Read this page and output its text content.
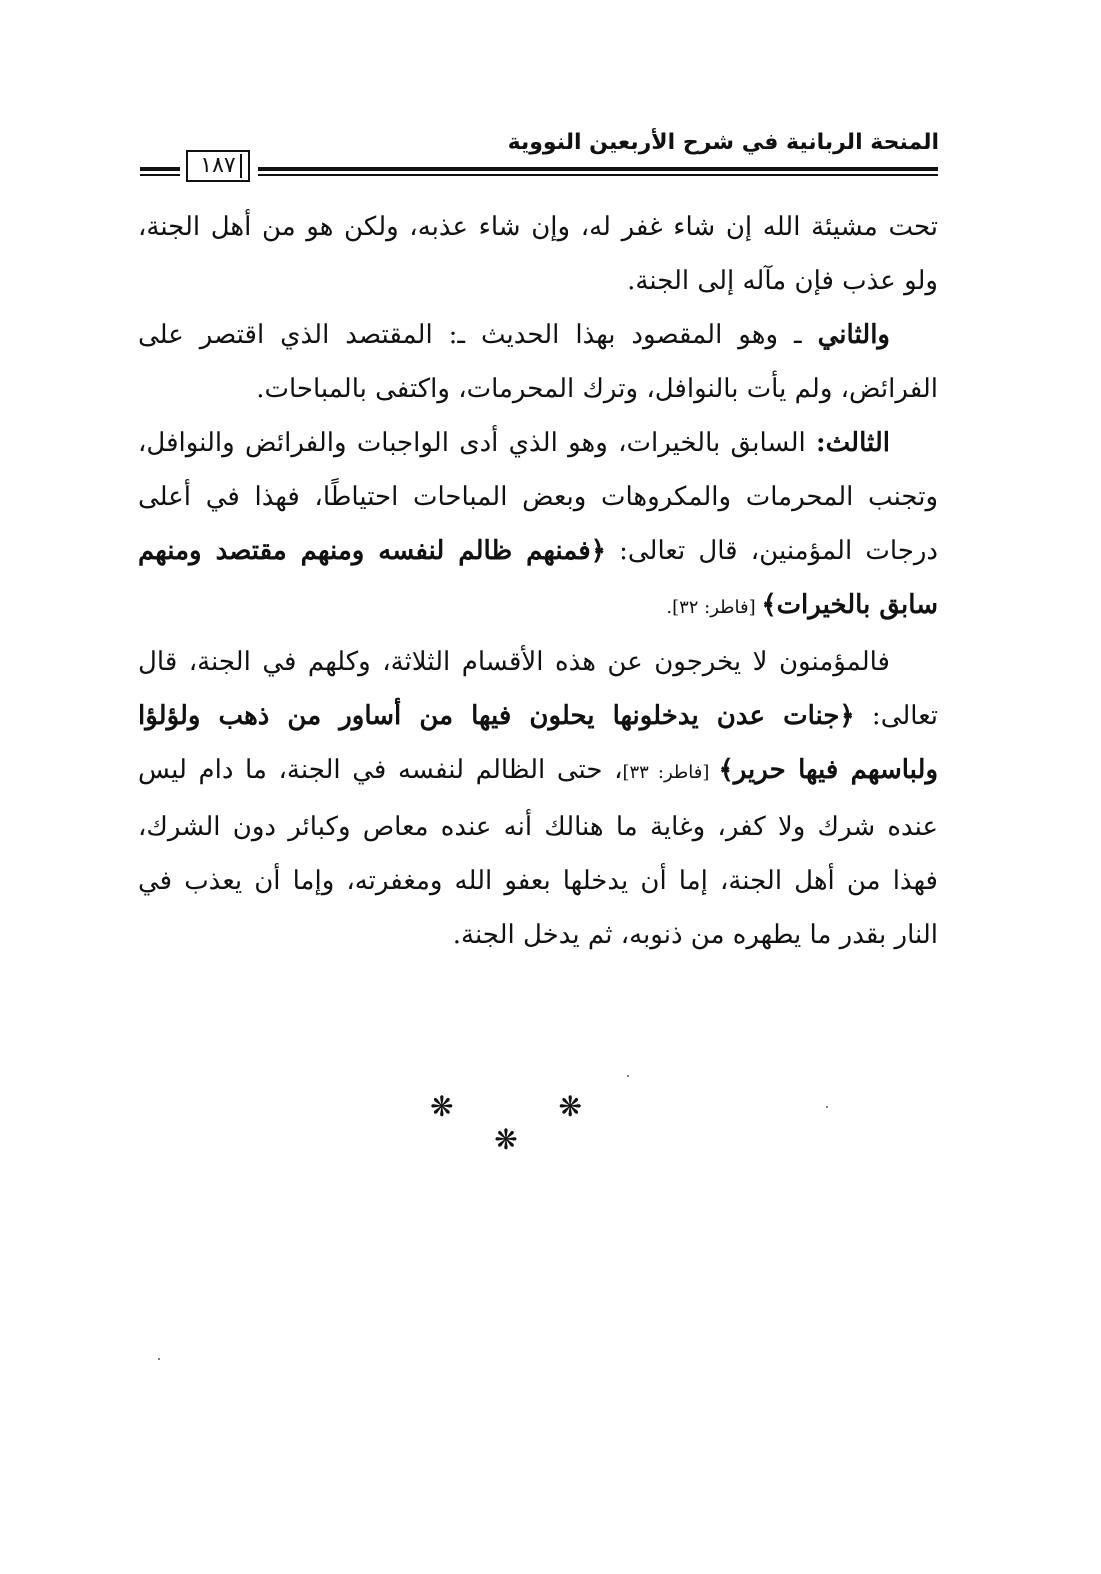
المنحة الربانية في شرح الأربعين النووية
١٨٧

تحت مشيئة الله إن شاء غفر له، وإن شاء عذبه، ولكن هو من أهل الجنة، ولو عذب فإن مآله إلى الجنة.

والثاني ـ وهو المقصود بهذا الحديث ـ: المقتصد الذي اقتصر على الفرائض، ولم يأت بالنوافل، وترك المحرمات، واكتفى بالمباحات.

الثالث: السابق بالخيرات، وهو الذي أدى الواجبات والفرائض والنوافل، وتجنب المحرمات والمكروهات وبعض المباحات احتياطًا، فهذا في أعلى درجات المؤمنين، قال تعالى: ﴿فمنهم ظالم لنفسه ومنهم مقتصد ومنهم سابق بالخيرات﴾ [فاطر: ٣٢].

فالمؤمنون لا يخرجون عن هذه الأقسام الثلاثة، وكلهم في الجنة، قال تعالى: ﴿جنات عدن يدخلونها يحلون فيها من أساور من ذهب ولؤلؤا ولباسهم فيها حرير﴾ [فاطر: ٣٣]، حتى الظالم لنفسه في الجنة، ما دام ليس عنده شرك ولا كفر، وغاية ما هنالك أنه عنده معاص وكبائر دون الشرك، فهذا من أهل الجنة، إما أن يدخلها بعفو الله ومغفرته، وإما أن يعذب في النار بقدر ما يطهره من ذنوبه، ثم يدخل الجنة.

❋ ❋ ❋
